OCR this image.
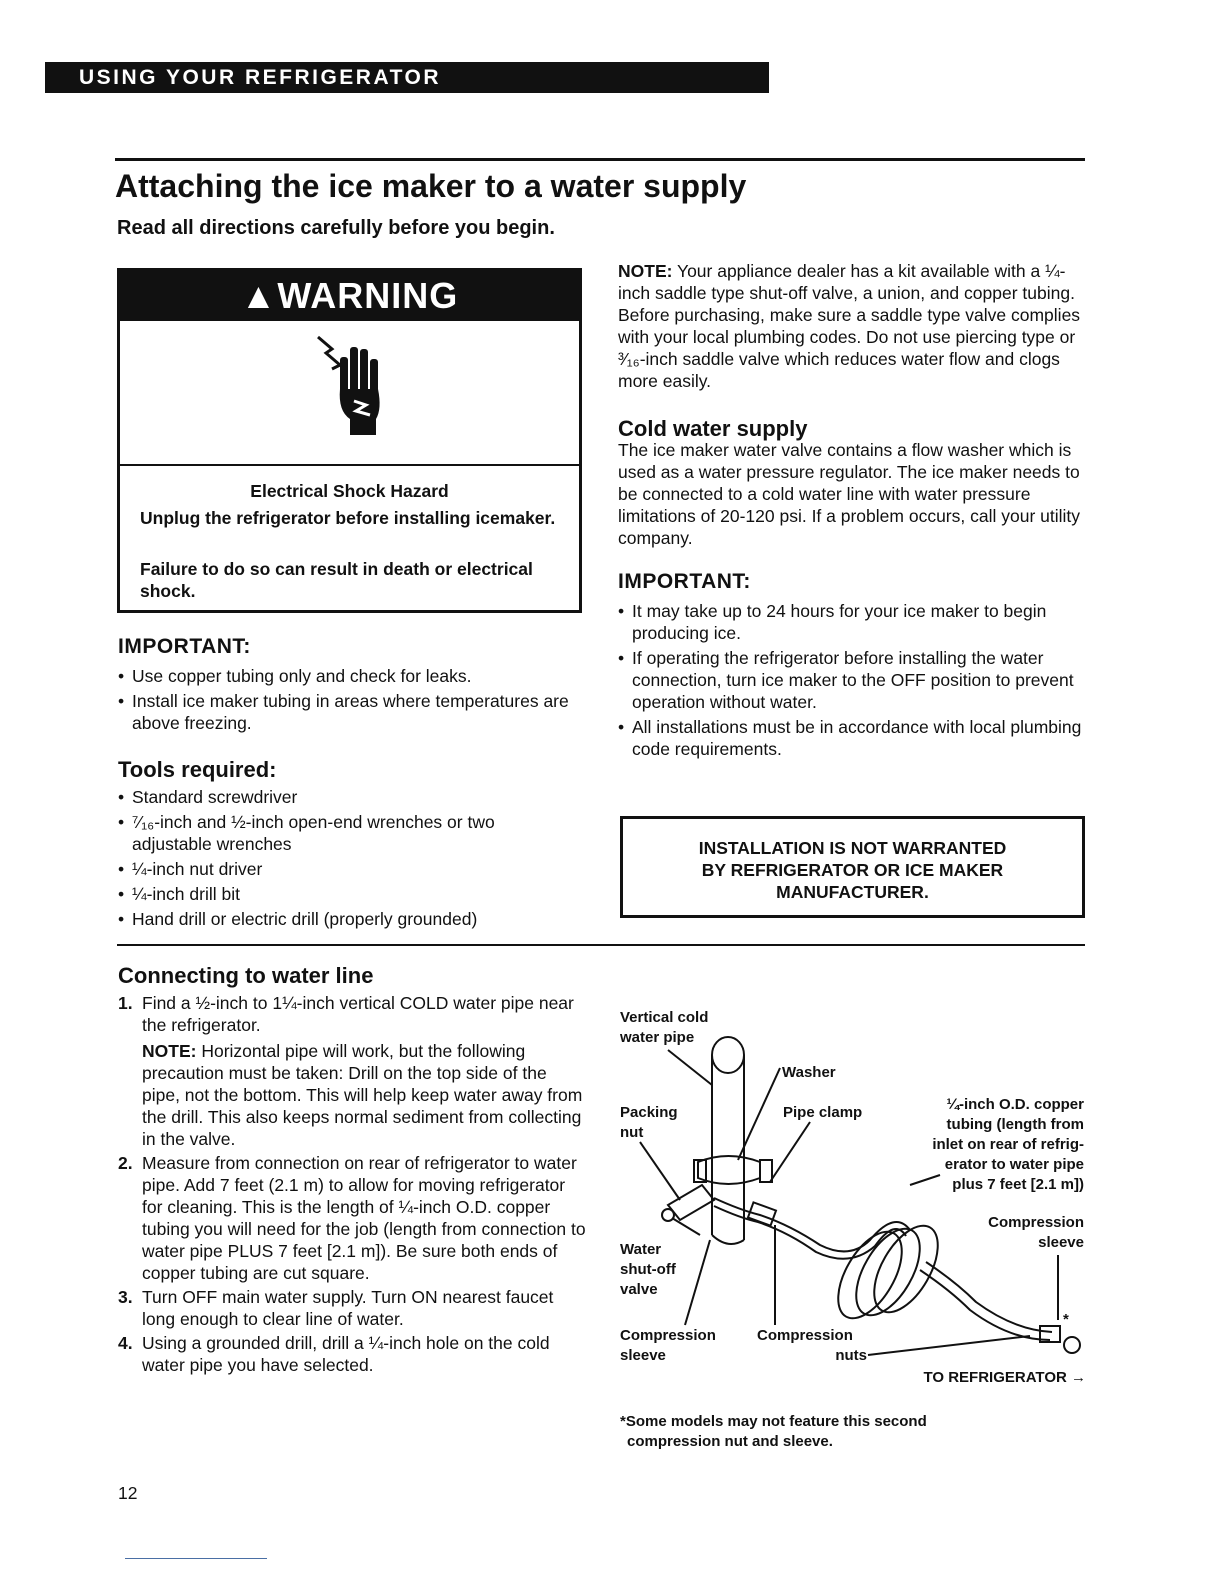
USING YOUR REFRIGERATOR
Attaching the ice maker to a water supply
Read all directions carefully before you begin.
▲WARNING
Electrical Shock Hazard
Unplug the refrigerator before installing icemaker.
Failure to do so can result in death or electrical shock.
IMPORTANT:
• Use copper tubing only and check for leaks.
• Install ice maker tubing in areas where temperatures are above freezing.
Tools required:
• Standard screwdriver
• ⁷⁄₁₆-inch and ½-inch open-end wrenches or two adjustable wrenches
• ¼-inch nut driver
• ¼-inch drill bit
• Hand drill or electric drill (properly grounded)
NOTE: Your appliance dealer has a kit available with a ¼-inch saddle type shut-off valve, a union, and copper tubing. Before purchasing, make sure a saddle type valve complies with your local plumbing codes. Do not use piercing type or ³⁄₁₆-inch saddle valve which reduces water flow and clogs more easily.
Cold water supply
The ice maker water valve contains a flow washer which is used as a water pressure regulator. The ice maker needs to be connected to a cold water line with water pressure limitations of 20-120 psi. If a problem occurs, call your utility company.
IMPORTANT:
• It may take up to 24 hours for your ice maker to begin producing ice.
• If operating the refrigerator before installing the water connection, turn ice maker to the OFF position to prevent operation without water.
• All installations must be in accordance with local plumbing code requirements.
INSTALLATION IS NOT WARRANTED
BY REFRIGERATOR OR ICE MAKER
MANUFACTURER.
Connecting to water line
1. Find a ½-inch to 1¼-inch vertical COLD water pipe near the refrigerator.
NOTE: Horizontal pipe will work, but the following precaution must be taken: Drill on the top side of the pipe, not the bottom. This will help keep water away from the drill. This also keeps normal sediment from collecting in the valve.
2. Measure from connection on rear of refrigerator to water pipe. Add 7 feet (2.1 m) to allow for moving refrigerator for cleaning. This is the length of ¼-inch O.D. copper tubing you will need for the job (length from connection to water pipe PLUS 7 feet [2.1 m]). Be sure both ends of copper tubing are cut square.
3. Turn OFF main water supply. Turn ON nearest faucet long enough to clear line of water.
4. Using a grounded drill, drill a ¼-inch hole on the cold water pipe you have selected.
Vertical cold
water pipe
Washer
Packing
nut
Pipe clamp	¼-inch O.D. copper
tubing (length from
inlet on rear of refrig-
erator to water pipe
plus 7 feet [2.1 m])
Compression
sleeve
Water
shut-off
valve
Compression
sleeve
Compression
nuts
*
TO REFRIGERATOR →
*Some models may not feature this second
compression nut and sleeve.
12
